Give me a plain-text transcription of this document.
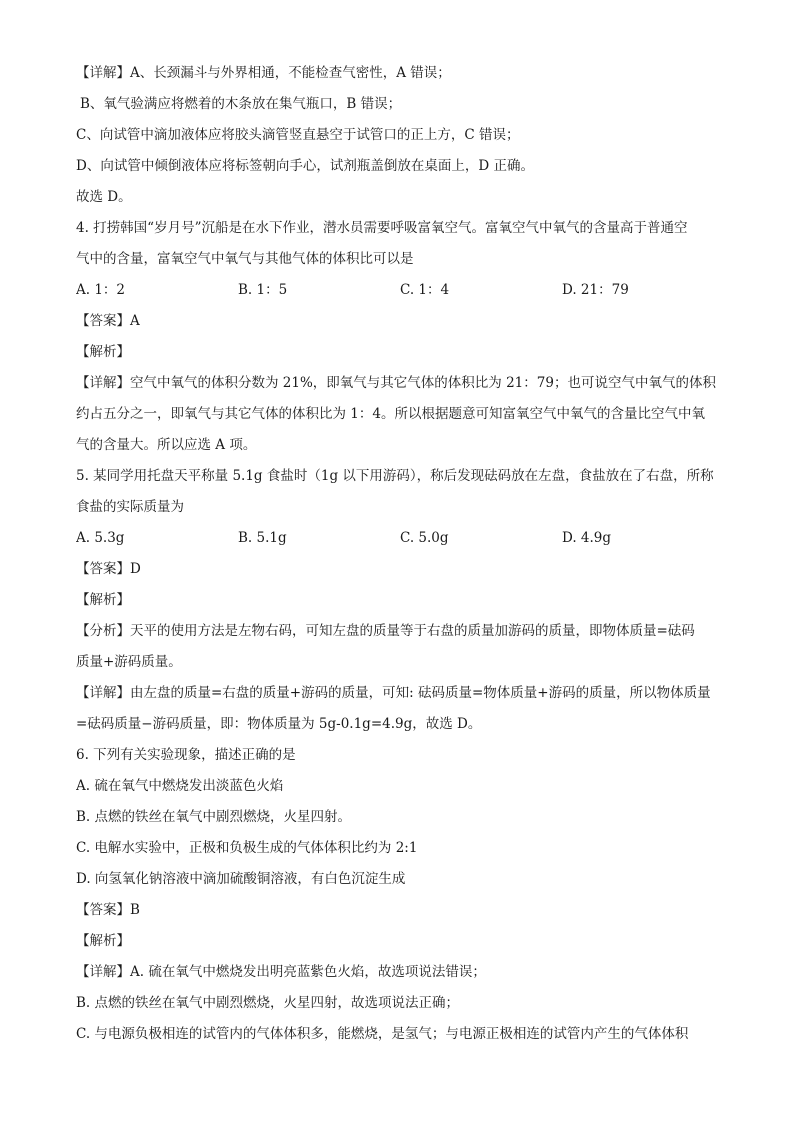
【详解】A、长颈漏斗与外界相通，不能检查气密性，A 错误；
B、氧气验满应将燃着的木条放在集气瓶口，B 错误；
C、向试管中滴加液体应将胶头滴管竖直悬空于试管口的正上方，C 错误；
D、向试管中倾倒液体应将标签朝向手心，试剂瓶盖倒放在桌面上，D 正确。
故选 D。
4. 打捞韩国“岁月号”沉船是在水下作业，潜水员需要呼吸富氧空气。富氧空气中氧气的含量高于普通空
气中的含量，富氧空气中氧气与其他气体的体积比可以是
A. 1：2	B. 1：5	C. 1：4	D. 21：79
【答案】A
【解析】
【详解】空气中氧气的体积分数为 21%，即氧气与其它气体的体积比为 21：79；也可说空气中氧气的体积
约占五分之一，即氧气与其它气体的体积比为 1：4。所以根据题意可知富氧空气中氧气的含量比空气中氧
气的含量大。所以应选 A 项。
5. 某同学用托盘天平称量 5.1g 食盐时（1g 以下用游码），称后发现砝码放在左盘，食盐放在了右盘，所称
食盐的实际质量为
A. 5.3g	B. 5.1g	C. 5.0g	D. 4.9g
【答案】D
【解析】
【分析】天平的使用方法是左物右码，可知左盘的质量等于右盘的质量加游码的质量，即物体质量=砝码
质量+游码质量。
【详解】由左盘的质量=右盘的质量+游码的质量，可知: 砝码质量=物体质量+游码的质量，所以物体质量
=砝码质量−游码质量，即：物体质量为 5g-0.1g=4.9g，故选 D。
6. 下列有关实验现象，描述正确的是
A. 硫在氧气中燃烧发出淡蓝色火焰
B. 点燃的铁丝在氧气中剧烈燃烧，火星四射。
C. 电解水实验中，正极和负极生成的气体体积比约为 2:1
D. 向氢氧化钠溶液中滴加硫酸铜溶液，有白色沉淀生成
【答案】B
【解析】
【详解】A. 硫在氧气中燃烧发出明亮蓝紫色火焰，故选项说法错误；
B. 点燃的铁丝在氧气中剧烈燃烧，火星四射，故选项说法正确；
C. 与电源负极相连的试管内的气体体积多，能燃烧，是氢气；与电源正极相连的试管内产生的气体体积
